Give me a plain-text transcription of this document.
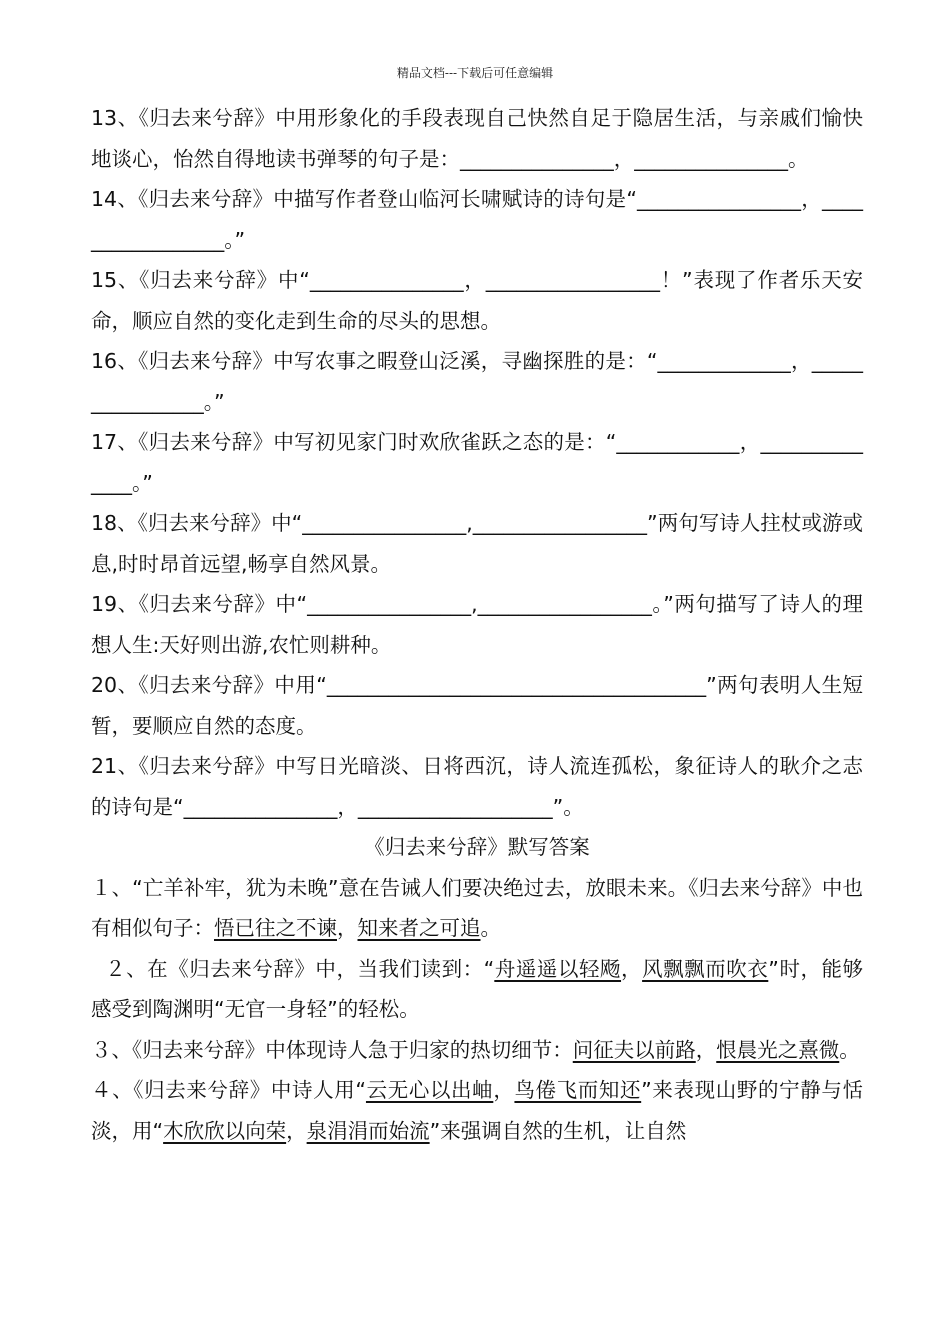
精品文档---下载后可任意编辑

13、《归去来兮辞》中用形象化的手段表现自己快然自足于隐居生活，与亲戚们愉快地谈心，怡然自得地读书弹琴的句子是：_______________，_______________。

14、《归去来兮辞》中描写作者登山临河长啸赋诗的诗句是“________________，_________________。”

15、《归去来兮辞》中“_______________，_________________！”表现了作者乐天安命，顺应自然的变化走到生命的尽头的思想。

16、《归去来兮辞》中写农事之暇登山泛溪，寻幽探胜的是：“_____________，________________。”

17、《归去来兮辞》中写初见家门时欢欣雀跃之态的是：“____________，______________。”

18、《归去来兮辞》中“________________,_________________”两句写诗人拄杖或游或息,时时昂首远望,畅享自然风景。

19、《归去来兮辞》中“________________,_________________。”两句描写了诗人的理想人生:天好则出游,农忙则耕种。

20、《归去来兮辞》中用“_____________________________________”两句表明人生短暂，要顺应自然的态度。

21、《归去来兮辞》中写日光暗淡、日将西沉，诗人流连孤松，象征诗人的耿介之志的诗句是“_______________，___________________”。

《归去来兮辞》默写答案

１、“亡羊补牢，犹为未晚”意在告诫人们要决绝过去，放眼未来。《归去来兮辞》中也有相似句子：悟已往之不谏，知来者之可追。

２、在《归去来兮辞》中，当我们读到：“舟遥遥以轻飏，风飘飘而吹衣”时，能够感受到陶渊明“无官一身轻”的轻松。

３、《归去来兮辞》中体现诗人急于归家的热切细节：问征夫以前路，恨晨光之熹微。

４、《归去来兮辞》中诗人用“云无心以出岫，鸟倦飞而知还”来表现山野的宁静与恬淡，用“木欣欣以向荣，泉涓涓而始流”来强调自然的生机，让自然
